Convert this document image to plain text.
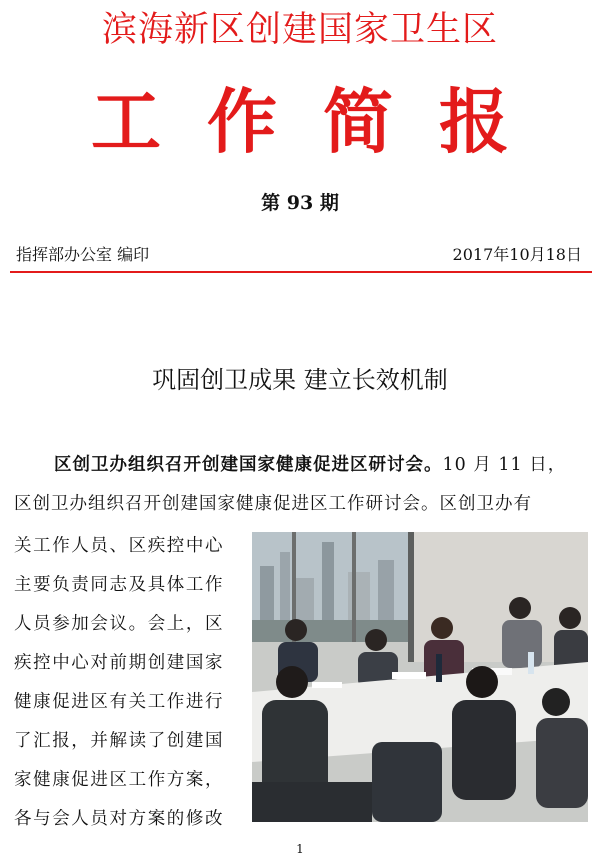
滨海新区创建国家卫生区
工作简报
第 93 期
指挥部办公室 编印	2017年10月18日
巩固创卫成果 建立长效机制
区创卫办组织召开创建国家健康促进区研讨会。10 月 11 日，
区创卫办组织召开创建国家健康促进区工作研讨会。区创卫办有
关工作人员、区疾控中心
主要负责同志及具体工作
人员参加会议。会上，区
疾控中心对前期创建国家
健康促进区有关工作进行
了汇报，并解读了创建国
家健康促进区工作方案，
各与会人员对方案的修改
1
